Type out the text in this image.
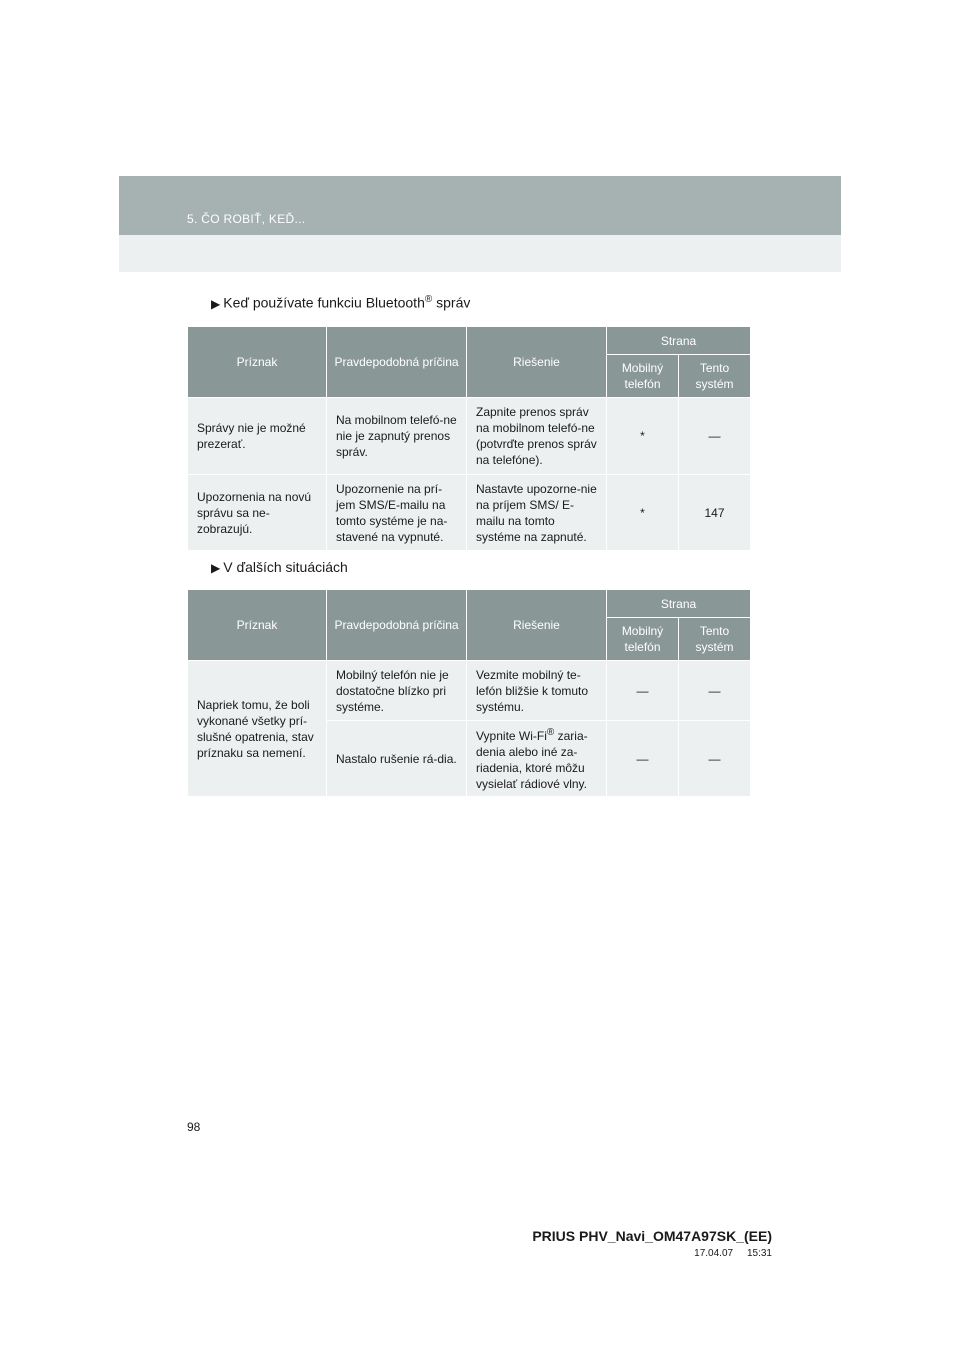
5. ČO ROBIŤ, KEĎ...
▶ Keď používate funkciu Bluetooth® správ
Príznak	Pravdepodobná príčina	Riešenie	Strana	
			Mobilný telefón	Tento systém
Správy nie je možné prezerať.	Na mobilnom telefó-ne nie je zapnutý prenos správ.	Zapnite prenos správ na mobilnom telefó-ne (potvrďte prenos správ na telefóne).	*	—
Upozornenia na novú správu sa ne-zobrazujú.	Upozornenie na prí-jem SMS/E-mailu na tomto systéme je na-stavené na vypnuté.	Nastavte upozorne-nie na príjem SMS/ E-mailu na tomto systéme na zapnuté.	*	147
▶ V ďalších situáciách
Príznak	Pravdepodobná príčina	Riešenie	Strana	
			Mobilný telefón	Tento systém
Napriek tomu, že boli vykonané všetky prí-slušné opatrenia, stav príznaku sa nemení.	Mobilný telefón nie je dostatočne blízko pri systéme.	Vezmite mobilný te-lefón bližšie k tomuto systému.	—	—
	Nastalo rušenie rá-dia.	Vypnite Wi-Fi® zaria-denia alebo iné za-riadenia, ktoré môžu vysielať rádiové vlny.	—	—
98
PRIUS PHV_Navi_OM47A97SK_(EE)
17.04.07     15:31
